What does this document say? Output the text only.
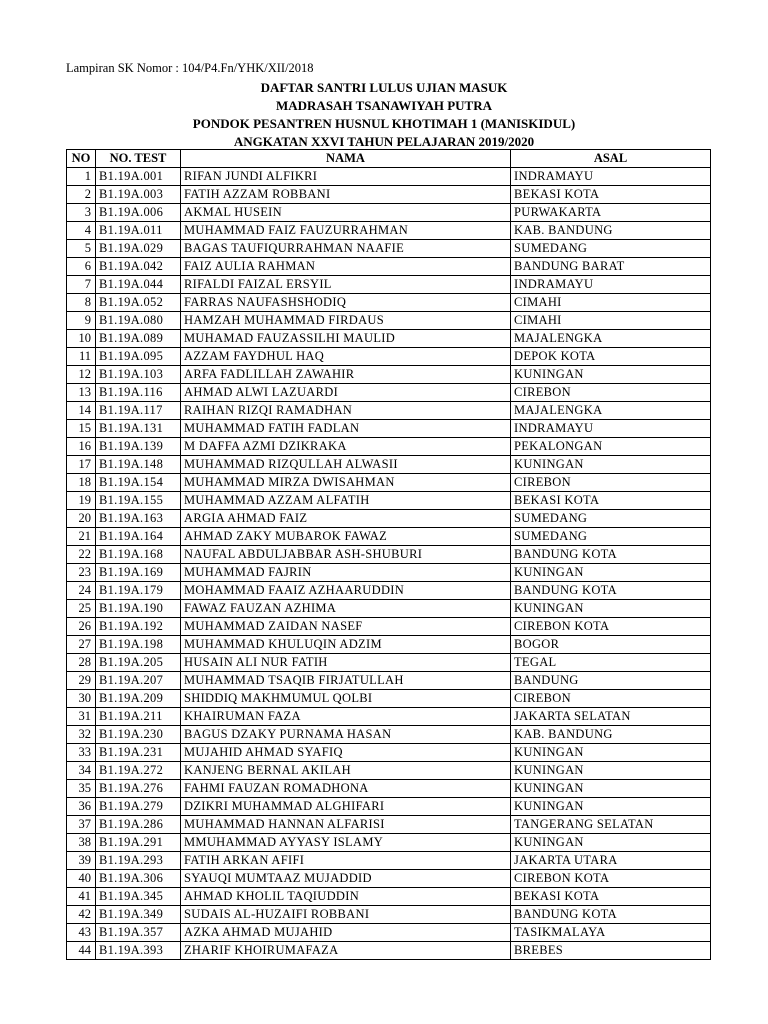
Lampiran SK Nomor : 104/P4.Fn/YHK/XII/2018
DAFTAR SANTRI LULUS UJIAN MASUK
MADRASAH TSANAWIYAH PUTRA
PONDOK PESANTREN HUSNUL KHOTIMAH 1 (MANISKIDUL)
ANGKATAN XXVI TAHUN PELAJARAN 2019/2020
NO	NO. TEST	NAMA	ASAL
1	B1.19A.001	RIFAN JUNDI ALFIKRI	INDRAMAYU
2	B1.19A.003	FATIH AZZAM ROBBANI	BEKASI KOTA
3	B1.19A.006	AKMAL HUSEIN	PURWAKARTA
4	B1.19A.011	MUHAMMAD FAIZ FAUZURRAHMAN	KAB. BANDUNG
5	B1.19A.029	BAGAS TAUFIQURRAHMAN NAAFIE	SUMEDANG
6	B1.19A.042	FAIZ AULIA RAHMAN	BANDUNG BARAT
7	B1.19A.044	RIFALDI FAIZAL ERSYIL	INDRAMAYU
8	B1.19A.052	FARRAS NAUFASHSHODIQ	CIMAHI
9	B1.19A.080	HAMZAH MUHAMMAD FIRDAUS	CIMAHI
10	B1.19A.089	MUHAMAD FAUZASSILHI MAULID	MAJALENGKA
11	B1.19A.095	AZZAM FAYDHUL HAQ	DEPOK KOTA
12	B1.19A.103	ARFA FADLILLAH ZAWAHIR	KUNINGAN
13	B1.19A.116	AHMAD ALWI LAZUARDI	CIREBON
14	B1.19A.117	RAIHAN RIZQI RAMADHAN	MAJALENGKA
15	B1.19A.131	MUHAMMAD FATIH FADLAN	INDRAMAYU
16	B1.19A.139	M DAFFA AZMI DZIKRAKA	PEKALONGAN
17	B1.19A.148	MUHAMMAD RIZQULLAH ALWASII	KUNINGAN
18	B1.19A.154	MUHAMMAD MIRZA DWISAHMAN	CIREBON
19	B1.19A.155	MUHAMMAD AZZAM ALFATIH	BEKASI KOTA
20	B1.19A.163	ARGIA AHMAD FAIZ	SUMEDANG
21	B1.19A.164	AHMAD ZAKY MUBAROK FAWAZ	SUMEDANG
22	B1.19A.168	NAUFAL ABDULJABBAR ASH-SHUBURI	BANDUNG KOTA
23	B1.19A.169	MUHAMMAD FAJRIN	KUNINGAN
24	B1.19A.179	MOHAMMAD FAAIZ AZHAARUDDIN	BANDUNG KOTA
25	B1.19A.190	FAWAZ FAUZAN AZHIMA	KUNINGAN
26	B1.19A.192	MUHAMMAD ZAIDAN NASEF	CIREBON KOTA
27	B1.19A.198	MUHAMMAD KHULUQIN ADZIM	BOGOR
28	B1.19A.205	HUSAIN ALI NUR FATIH	TEGAL
29	B1.19A.207	MUHAMMAD TSAQIB FIRJATULLAH	BANDUNG
30	B1.19A.209	SHIDDIQ MAKHMUMUL QOLBI	CIREBON
31	B1.19A.211	KHAIRUMAN FAZA	JAKARTA SELATAN
32	B1.19A.230	BAGUS DZAKY PURNAMA HASAN	KAB. BANDUNG
33	B1.19A.231	MUJAHID AHMAD SYAFIQ	KUNINGAN
34	B1.19A.272	KANJENG BERNAL AKILAH	KUNINGAN
35	B1.19A.276	FAHMI FAUZAN ROMADHONA	KUNINGAN
36	B1.19A.279	DZIKRI MUHAMMAD ALGHIFARI	KUNINGAN
37	B1.19A.286	MUHAMMAD HANNAN ALFARISI	TANGERANG SELATAN
38	B1.19A.291	MMUHAMMAD AYYASY ISLAMY	KUNINGAN
39	B1.19A.293	FATIH ARKAN AFIFI	JAKARTA UTARA
40	B1.19A.306	SYAUQI MUMTAAZ MUJADDID	CIREBON KOTA
41	B1.19A.345	AHMAD KHOLIL TAQIUDDIN	BEKASI KOTA
42	B1.19A.349	SUDAIS AL-HUZAIFI ROBBANI	BANDUNG KOTA
43	B1.19A.357	AZKA AHMAD MUJAHID	TASIKMALAYA
44	B1.19A.393	ZHARIF KHOIRUMAFAZA	BREBES
